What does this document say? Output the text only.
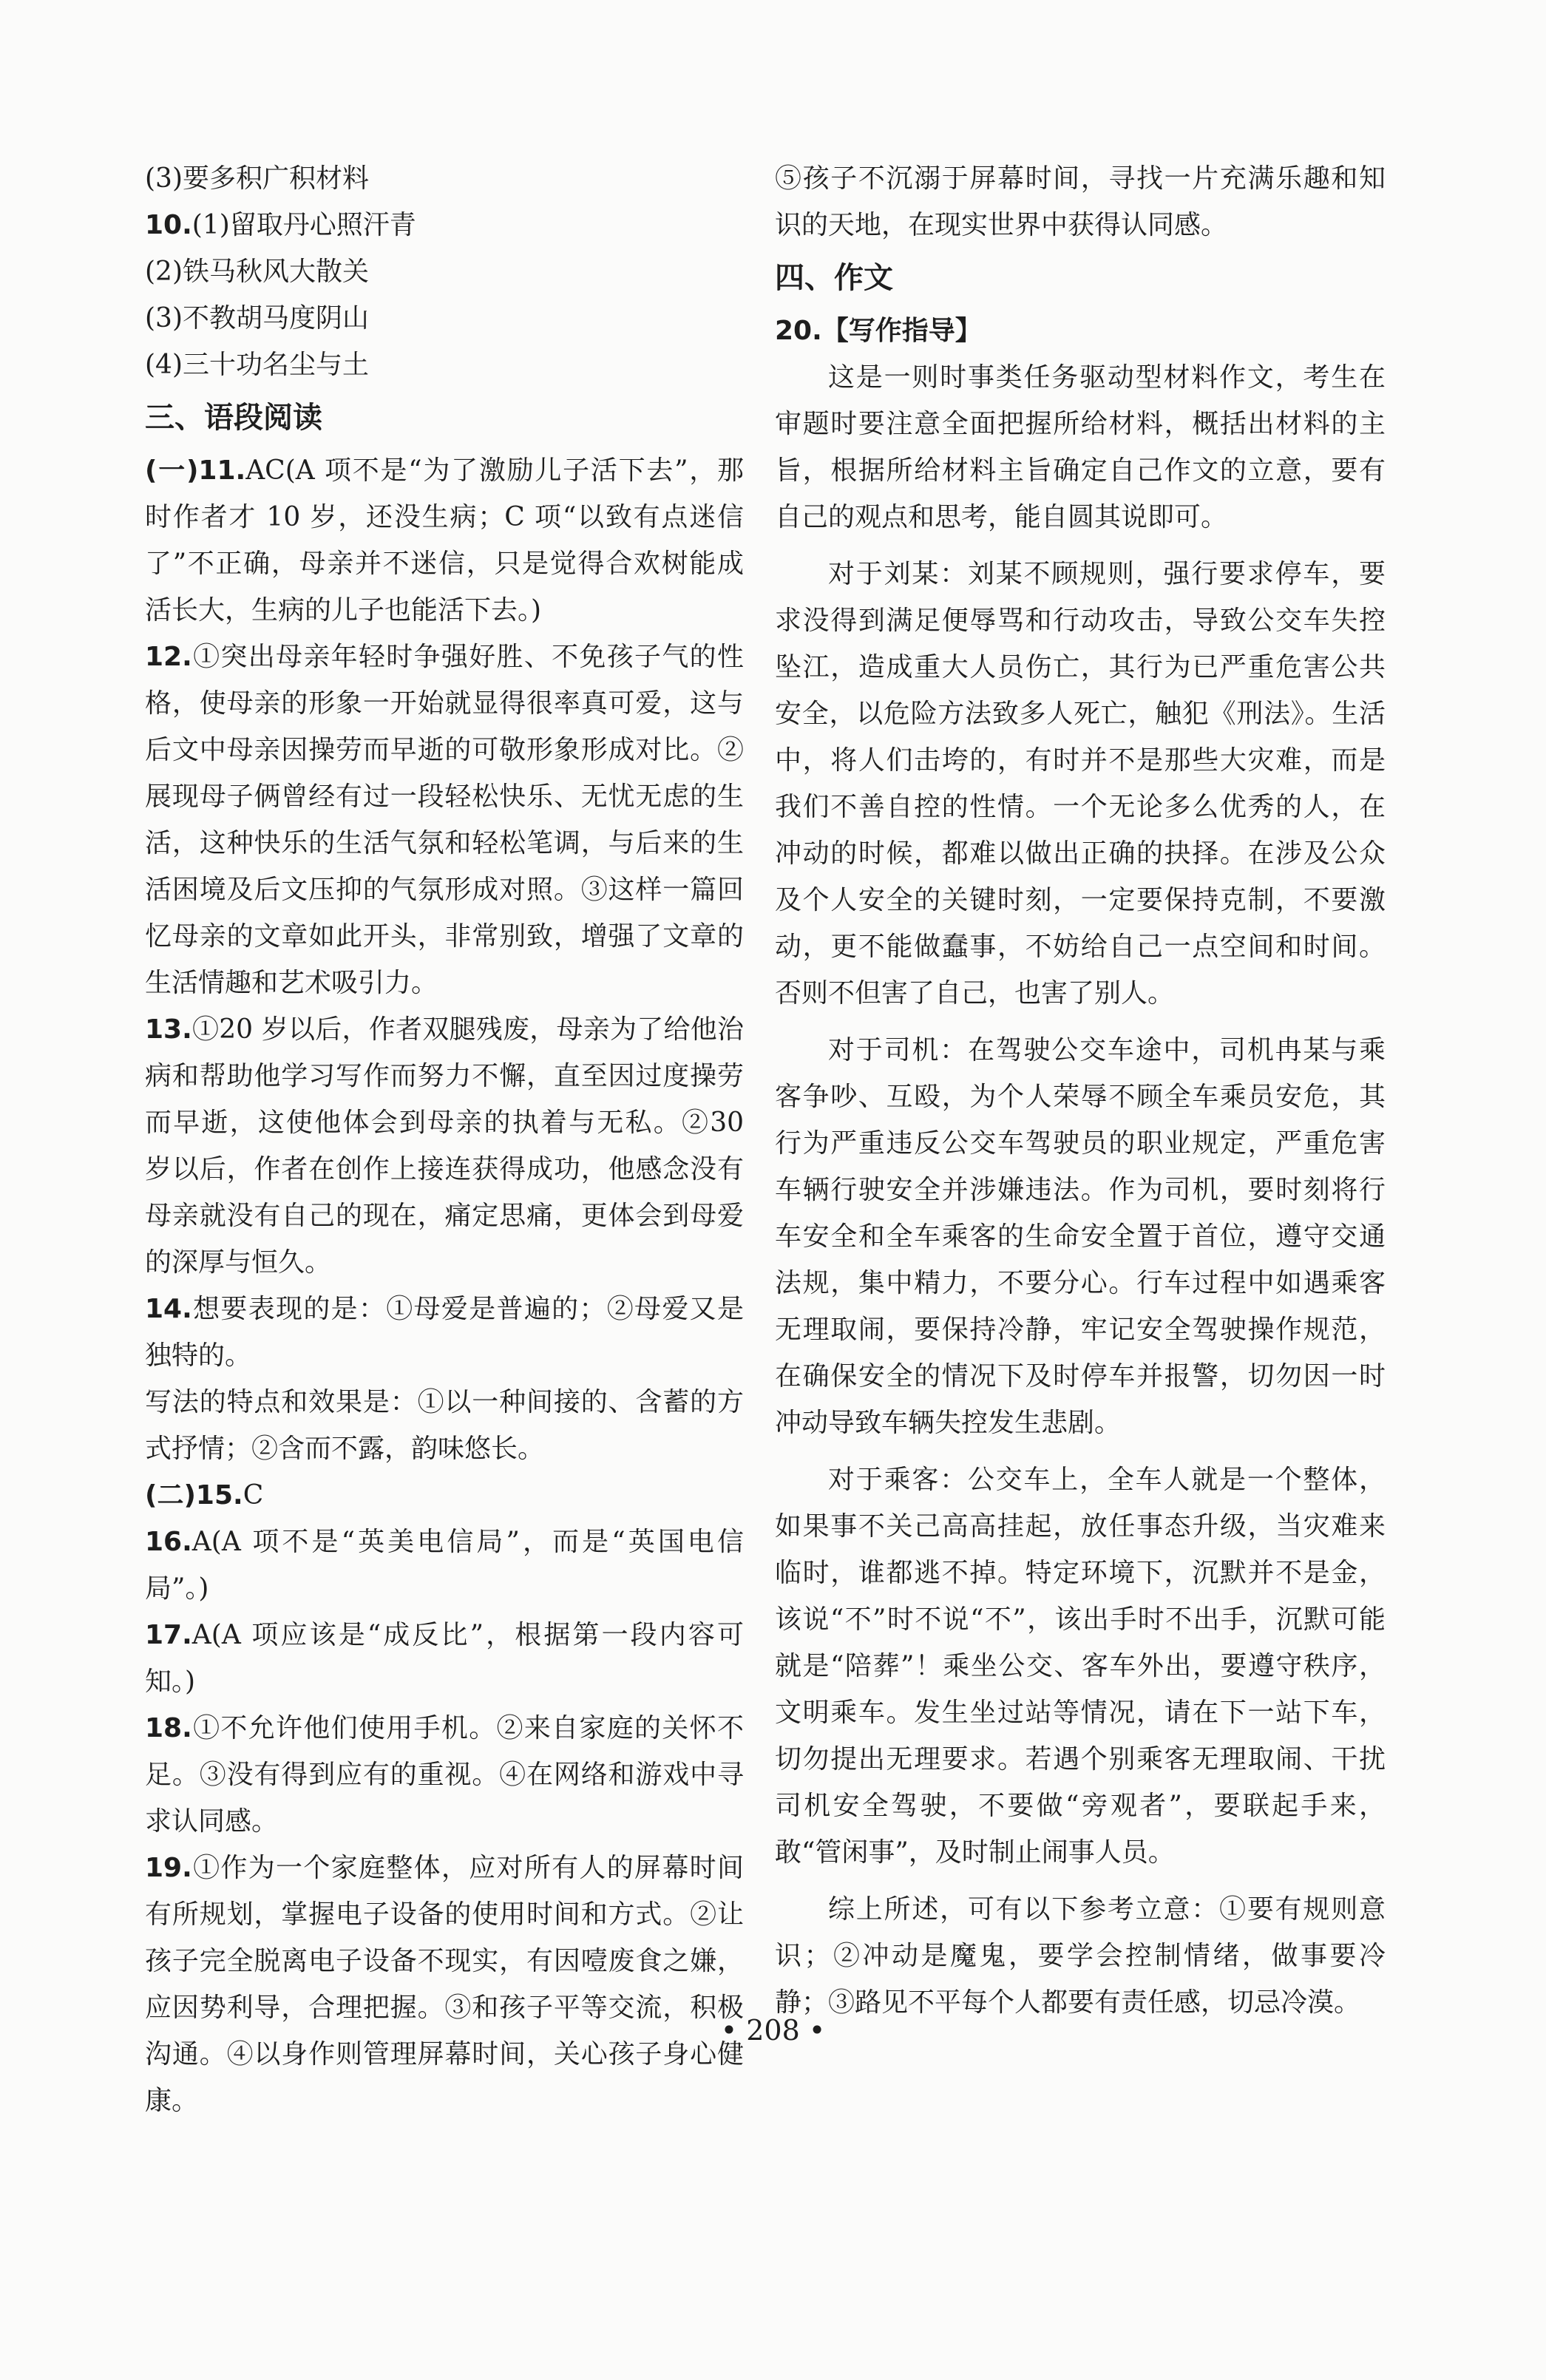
(3)要多积广积材料

10.(1)留取丹心照汗青

(2)铁马秋风大散关

(3)不教胡马度阴山

(4)三十功名尘与土

三、语段阅读

(一)11.AC(A 项不是“为了激励儿子活下去”，那时作者才 10 岁，还没生病；C 项“以致有点迷信了”不正确，母亲并不迷信，只是觉得合欢树能成活长大，生病的儿子也能活下去。)

12.①突出母亲年轻时争强好胜、不免孩子气的性格，使母亲的形象一开始就显得很率真可爱，这与后文中母亲因操劳而早逝的可敬形象形成对比。②展现母子俩曾经有过一段轻松快乐、无忧无虑的生活，这种快乐的生活气氛和轻松笔调，与后来的生活困境及后文压抑的气氛形成对照。③这样一篇回忆母亲的文章如此开头，非常别致，增强了文章的生活情趣和艺术吸引力。

13.①20 岁以后，作者双腿残废，母亲为了给他治病和帮助他学习写作而努力不懈，直至因过度操劳而早逝，这使他体会到母亲的执着与无私。②30 岁以后，作者在创作上接连获得成功，他感念没有母亲就没有自己的现在，痛定思痛，更体会到母爱的深厚与恒久。

14.想要表现的是：①母爱是普遍的；②母爱又是独特的。

写法的特点和效果是：①以一种间接的、含蓄的方式抒情；②含而不露，韵味悠长。

(二)15.C

16.A(A 项不是“英美电信局”，而是“英国电信局”。)

17.A(A 项应该是“成反比”，根据第一段内容可知。)

18.①不允许他们使用手机。②来自家庭的关怀不足。③没有得到应有的重视。④在网络和游戏中寻求认同感。

19.①作为一个家庭整体，应对所有人的屏幕时间有所规划，掌握电子设备的使用时间和方式。②让孩子完全脱离电子设备不现实，有因噎废食之嫌，应因势利导，合理把握。③和孩子平等交流，积极沟通。④以身作则管理屏幕时间，关心孩子身心健康。

⑤孩子不沉溺于屏幕时间，寻找一片充满乐趣和知识的天地，在现实世界中获得认同感。

四、作文

20.【写作指导】

这是一则时事类任务驱动型材料作文，考生在审题时要注意全面把握所给材料，概括出材料的主旨，根据所给材料主旨确定自己作文的立意，要有自己的观点和思考，能自圆其说即可。

对于刘某：刘某不顾规则，强行要求停车，要求没得到满足便辱骂和行动攻击，导致公交车失控坠江，造成重大人员伤亡，其行为已严重危害公共安全，以危险方法致多人死亡，触犯《刑法》。生活中，将人们击垮的，有时并不是那些大灾难，而是我们不善自控的性情。一个无论多么优秀的人，在冲动的时候，都难以做出正确的抉择。在涉及公众及个人安全的关键时刻，一定要保持克制，不要激动，更不能做蠢事，不妨给自己一点空间和时间。否则不但害了自己，也害了别人。

对于司机：在驾驶公交车途中，司机冉某与乘客争吵、互殴，为个人荣辱不顾全车乘员安危，其行为严重违反公交车驾驶员的职业规定，严重危害车辆行驶安全并涉嫌违法。作为司机，要时刻将行车安全和全车乘客的生命安全置于首位，遵守交通法规，集中精力，不要分心。行车过程中如遇乘客无理取闹，要保持冷静，牢记安全驾驶操作规范，在确保安全的情况下及时停车并报警，切勿因一时冲动导致车辆失控发生悲剧。

对于乘客：公交车上，全车人就是一个整体，如果事不关己高高挂起，放任事态升级，当灾难来临时，谁都逃不掉。特定环境下，沉默并不是金，该说“不”时不说“不”，该出手时不出手，沉默可能就是“陪葬”！乘坐公交、客车外出，要遵守秩序，文明乘车。发生坐过站等情况，请在下一站下车，切勿提出无理要求。若遇个别乘客无理取闹、干扰司机安全驾驶，不要做“旁观者”，要联起手来，敢“管闲事”，及时制止闹事人员。

综上所述，可有以下参考立意：①要有规则意识；②冲动是魔鬼，要学会控制情绪，做事要冷静；③路见不平每个人都要有责任感，切忌冷漠。

• 208 •
